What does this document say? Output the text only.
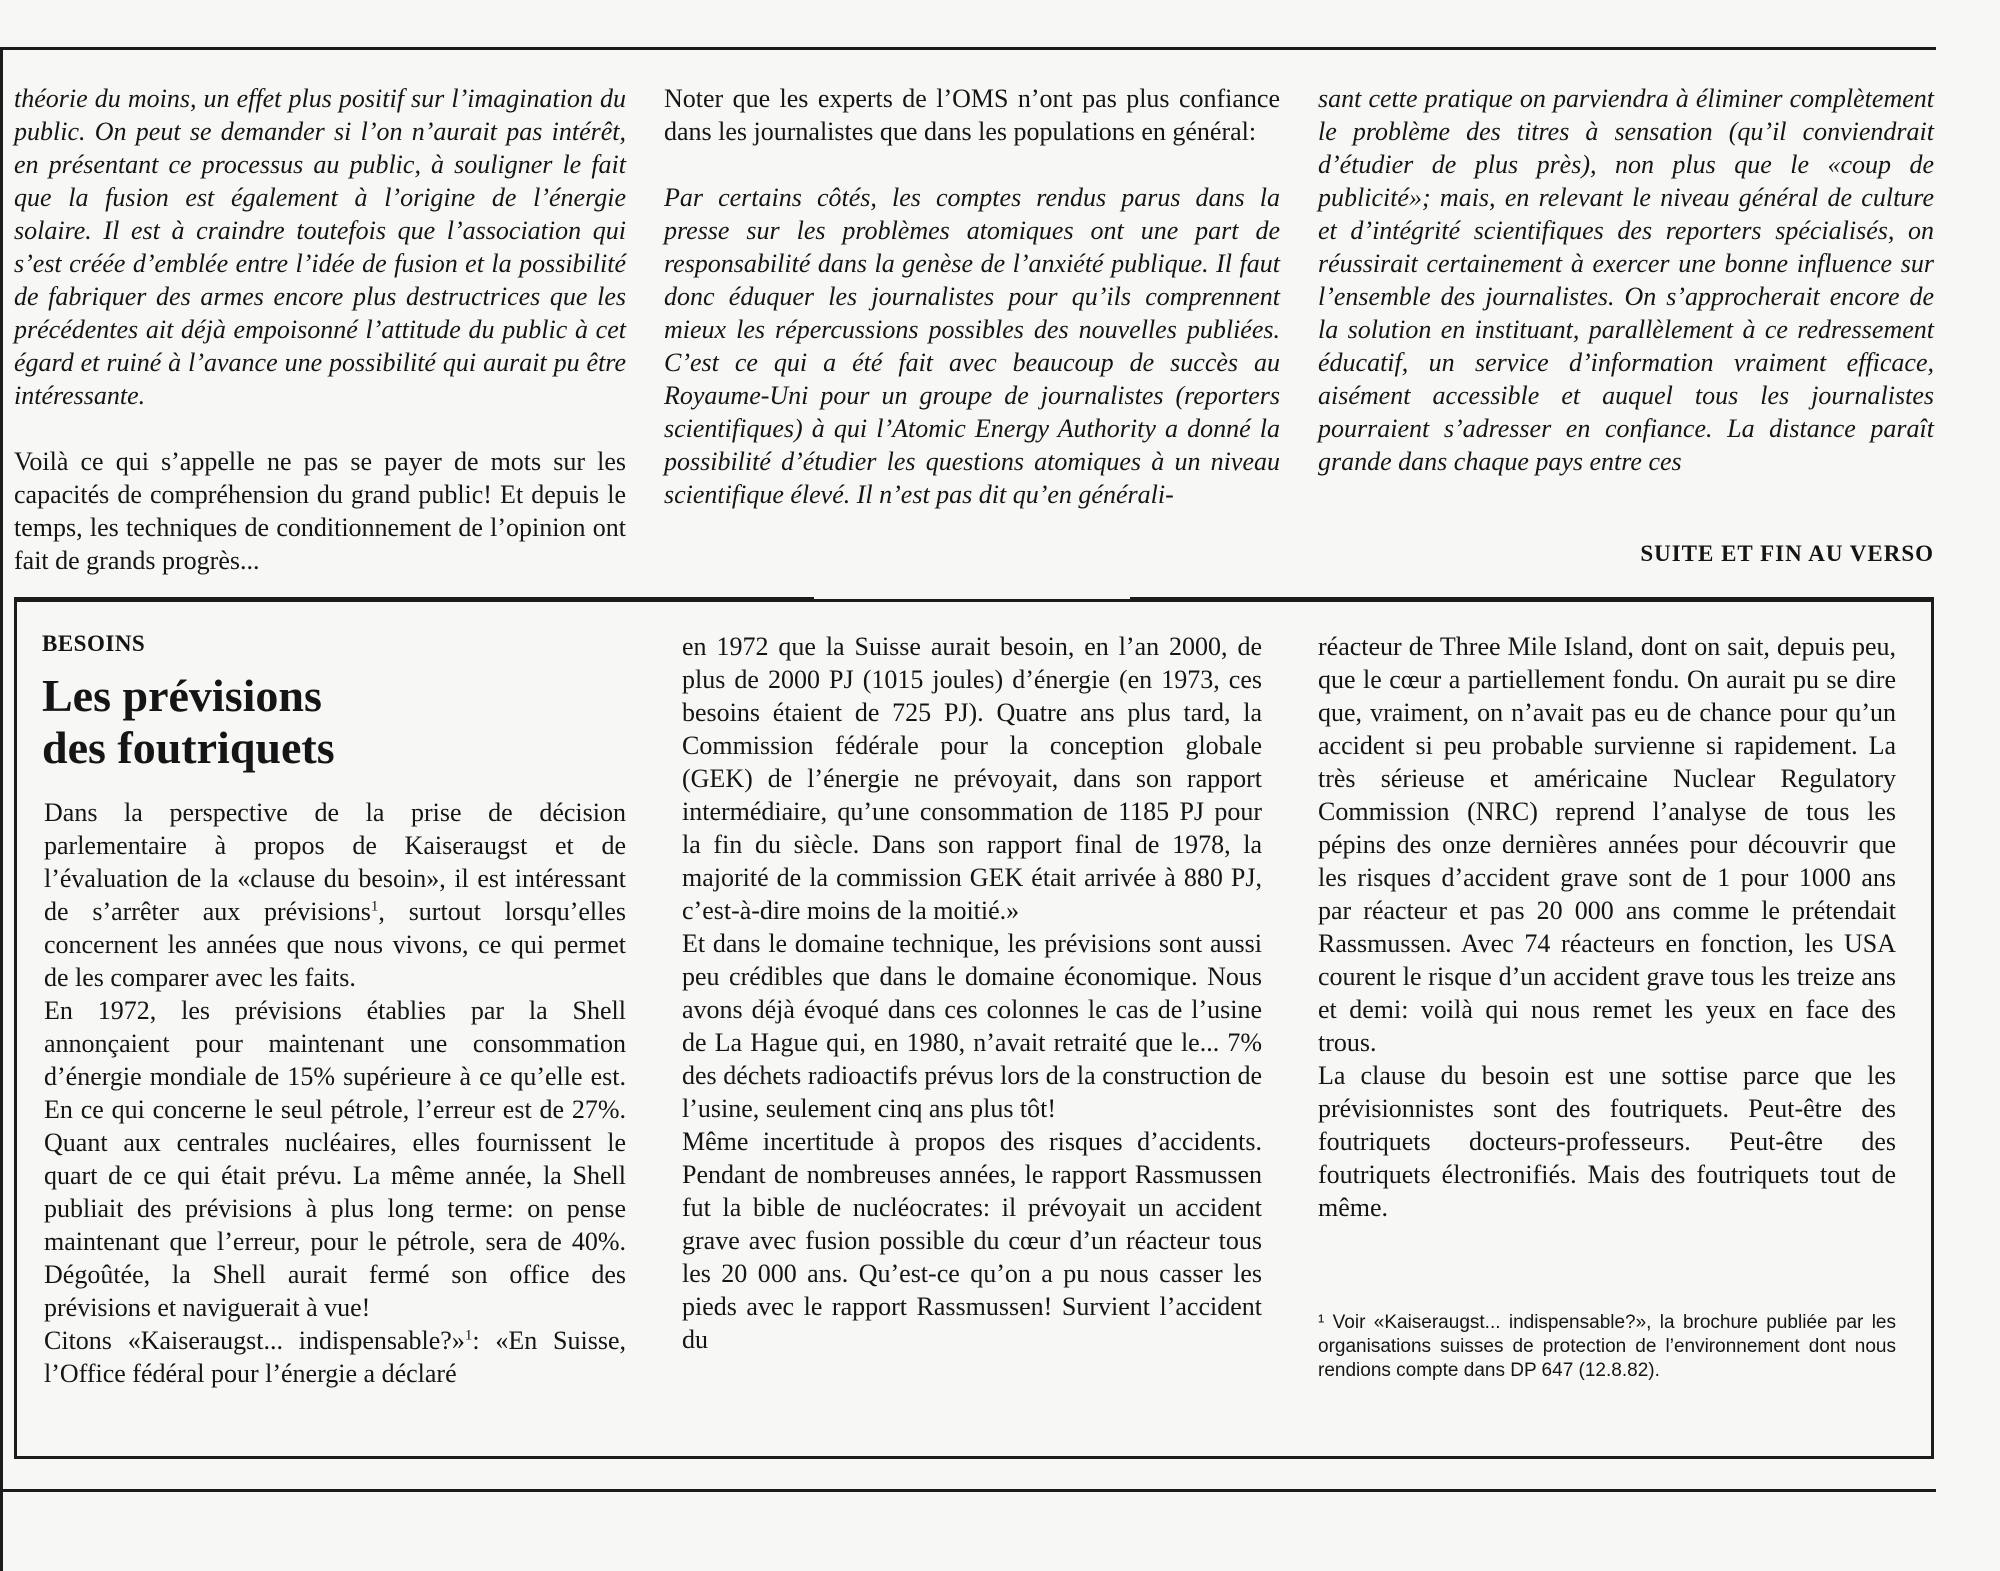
théorie du moins, un effet plus positif sur l’imagination du public. On peut se demander si l’on n’aurait pas intérêt, en présentant ce processus au public, à souligner le fait que la fusion est également à l’origine de l’énergie solaire. Il est à craindre toutefois que l’association qui s’est créée d’emblée entre l’idée de fusion et la possibilité de fabriquer des armes encore plus destructrices que les précédentes ait déjà empoisonné l’attitude du public à cet égard et ruiné à l’avance une possibilité qui aurait pu être intéressante.

Voilà ce qui s’appelle ne pas se payer de mots sur les capacités de compréhension du grand public! Et depuis le temps, les techniques de conditionnement de l’opinion ont fait de grands progrès...

Noter que les experts de l’OMS n’ont pas plus confiance dans les journalistes que dans les populations en général:

Par certains côtés, les comptes rendus parus dans la presse sur les problèmes atomiques ont une part de responsabilité dans la genèse de l’anxiété publique. Il faut donc éduquer les journalistes pour qu’ils comprennent mieux les répercussions possibles des nouvelles publiées. C’est ce qui a été fait avec beaucoup de succès au Royaume-Uni pour un groupe de journalistes (reporters scientifiques) à qui l’Atomic Energy Authority a donné la possibilité d’étudier les questions atomiques à un niveau scientifique élevé. Il n’est pas dit qu’en générali-

sant cette pratique on parviendra à éliminer complètement le problème des titres à sensation (qu’il conviendrait d’étudier de plus près), non plus que le «coup de publicité»; mais, en relevant le niveau général de culture et d’intégrité scientifiques des reporters spécialisés, on réussirait certainement à exercer une bonne influence sur l’ensemble des journalistes. On s’approcherait encore de la solution en instituant, parallèlement à ce redressement éducatif, un service d’information vraiment efficace, aisément accessible et auquel tous les journalistes pourraient s’adresser en confiance. La distance paraît grande dans chaque pays entre ces

SUITE ET FIN AU VERSO

BESOINS

Les prévisions
des foutriquets

Dans la perspective de la prise de décision parlementaire à propos de Kaiseraugst et de l’évaluation de la «clause du besoin», il est intéressant de s’arrêter aux prévisions$^1$, surtout lorsqu’elles concernent les années que nous vivons, ce qui permet de les comparer avec les faits.

En 1972, les prévisions établies par la Shell annonçaient pour maintenant une consommation d’énergie mondiale de 15% supérieure à ce qu’elle est. En ce qui concerne le seul pétrole, l’erreur est de 27%. Quant aux centrales nucléaires, elles fournissent le quart de ce qui était prévu. La même année, la Shell publiait des prévisions à plus long terme: on pense maintenant que l’erreur, pour le pétrole, sera de 40%. Dégoûtée, la Shell aurait fermé son office des prévisions et naviguerait à vue!

Citons «Kaiseraugst... indispensable?»$^1$: «En Suisse, l’Office fédéral pour l’énergie a déclaré

en 1972 que la Suisse aurait besoin, en l’an 2000, de plus de 2000 PJ (1015 joules) d’énergie (en 1973, ces besoins étaient de 725 PJ). Quatre ans plus tard, la Commission fédérale pour la conception globale (GEK) de l’énergie ne prévoyait, dans son rapport intermédiaire, qu’une consommation de 1185 PJ pour la fin du siècle. Dans son rapport final de 1978, la majorité de la commission GEK était arrivée à 880 PJ, c’est-à-dire moins de la moitié.»

Et dans le domaine technique, les prévisions sont aussi peu crédibles que dans le domaine économique. Nous avons déjà évoqué dans ces colonnes le cas de l’usine de La Hague qui, en 1980, n’avait retraité que le... 7% des déchets radioactifs prévus lors de la construction de l’usine, seulement cinq ans plus tôt!

Même incertitude à propos des risques d’accidents. Pendant de nombreuses années, le rapport Rassmussen fut la bible de nucléocrates: il prévoyait un accident grave avec fusion possible du cœur d’un réacteur tous les 20 000 ans. Qu’est-ce qu’on a pu nous casser les pieds avec le rapport Rassmussen! Survient l’accident du

réacteur de Three Mile Island, dont on sait, depuis peu, que le cœur a partiellement fondu. On aurait pu se dire que, vraiment, on n’avait pas eu de chance pour qu’un accident si peu probable survienne si rapidement. La très sérieuse et américaine Nuclear Regulatory Commission (NRC) reprend l’analyse de tous les pépins des onze dernières années pour découvrir que les risques d’accident grave sont de 1 pour 1000 ans par réacteur et pas 20 000 ans comme le prétendait Rassmussen. Avec 74 réacteurs en fonction, les USA courent le risque d’un accident grave tous les treize ans et demi: voilà qui nous remet les yeux en face des trous.

La clause du besoin est une sottise parce que les prévisionnistes sont des foutriquets. Peut-être des foutriquets docteurs-professeurs. Peut-être des foutriquets électronifiés. Mais des foutriquets tout de même.

¹ Voir «Kaiseraugst... indispensable?», la brochure publiée par les organisations suisses de protection de l’environnement dont nous rendions compte dans DP 647 (12.8.82).
